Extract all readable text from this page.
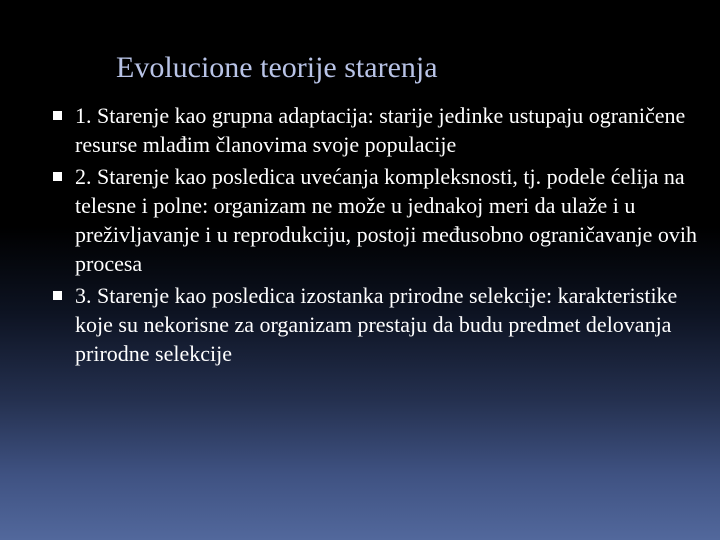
Evolucione teorije starenja
1. Starenje kao grupna adaptacija: starije jedinke ustupaju ograničene resurse mlađim članovima svoje populacije
2. Starenje kao posledica uvećanja kompleksnosti, tj. podele ćelija na telesne i polne: organizam ne može u jednakoj meri da ulaže i u preživljavanje i u reprodukciju, postoji međusobno ograničavanje ovih procesa
3. Starenje kao posledica izostanka prirodne selekcije: karakteristike koje su nekorisne za organizam prestaju da budu predmet delovanja prirodne selekcije
